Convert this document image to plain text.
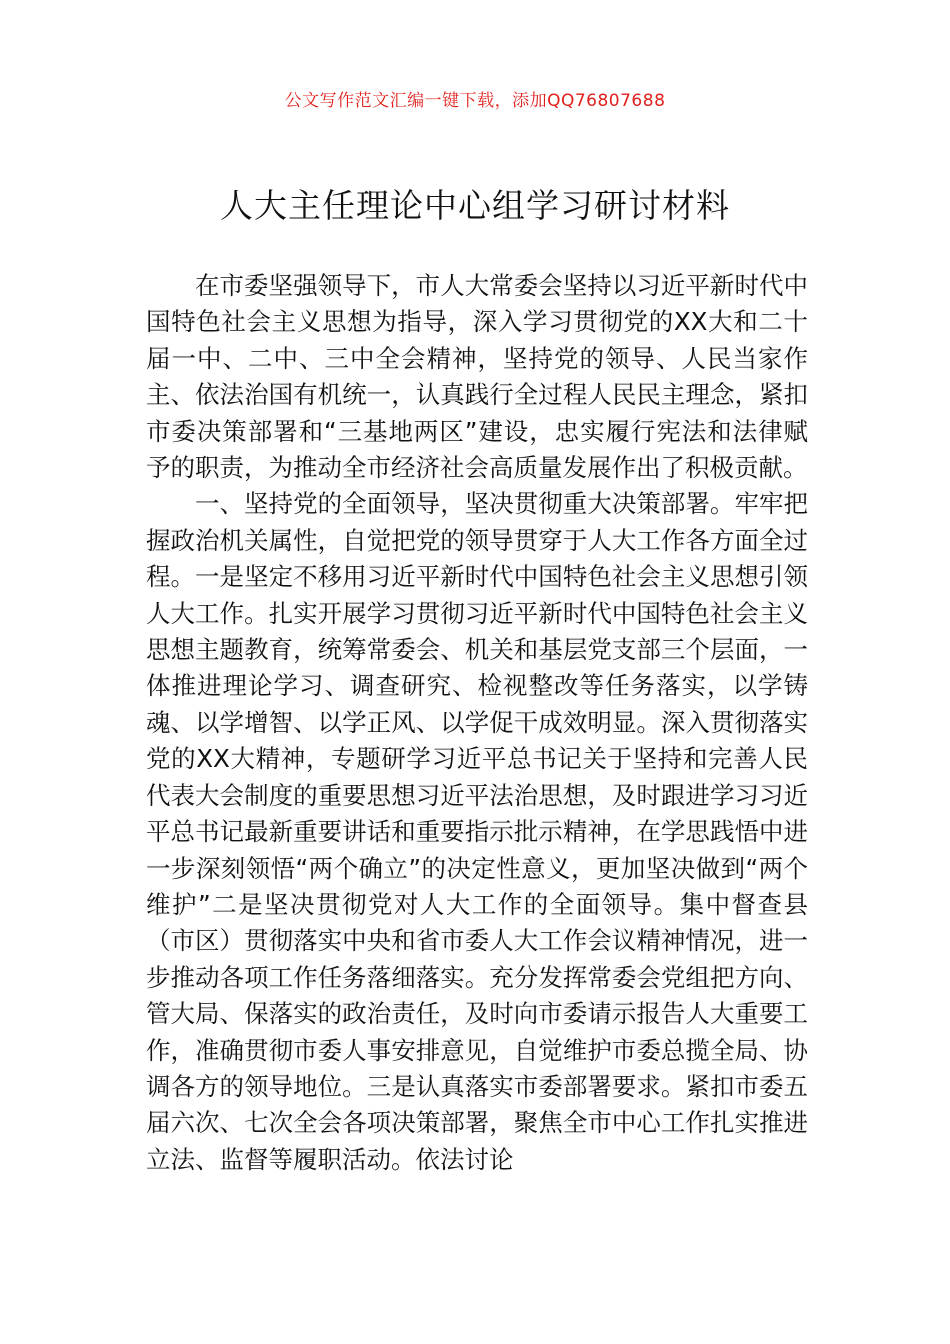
公文写作范文汇编一键下载，添加QQ76807688
人大主任理论中心组学习研讨材料

在市委坚强领导下，市人大常委会坚持以习近平新时代中国特色社会主义思想为指导，深入学习贯彻党的XX大和二十届一中、二中、三中全会精神，坚持党的领导、人民当家作主、依法治国有机统一，认真践行全过程人民民主理念，紧扣市委决策部署和“三基地两区”建设，忠实履行宪法和法律赋予的职责，为推动全市经济社会高质量发展作出了积极贡献。

一、坚持党的全面领导，坚决贯彻重大决策部署。牢牢把握政治机关属性，自觉把党的领导贯穿于人大工作各方面全过程。一是坚定不移用习近平新时代中国特色社会主义思想引领人大工作。扎实开展学习贯彻习近平新时代中国特色社会主义思想主题教育，统筹常委会、机关和基层党支部三个层面，一体推进理论学习、调查研究、检视整改等任务落实，以学铸魂、以学增智、以学正风、以学促干成效明显。深入贯彻落实党的XX大精神，专题研学习近平总书记关于坚持和完善人民代表大会制度的重要思想习近平法治思想，及时跟进学习习近平总书记最新重要讲话和重要指示批示精神，在学思践悟中进一步深刻领悟“两个确立”的决定性意义，更加坚决做到“两个维护”二是坚决贯彻党对人大工作的全面领导。集中督查县（市区）贯彻落实中央和省市委人大工作会议精神情况，进一步推动各项工作任务落细落实。充分发挥常委会党组把方向、管大局、保落实的政治责任，及时向市委请示报告人大重要工作，准确贯彻市委人事安排意见，自觉维护市委总揽全局、协调各方的领导地位。三是认真落实市委部署要求。紧扣市委五届六次、七次全会各项决策部署，聚焦全市中心工作扎实推进立法、监督等履职活动。依法讨论
